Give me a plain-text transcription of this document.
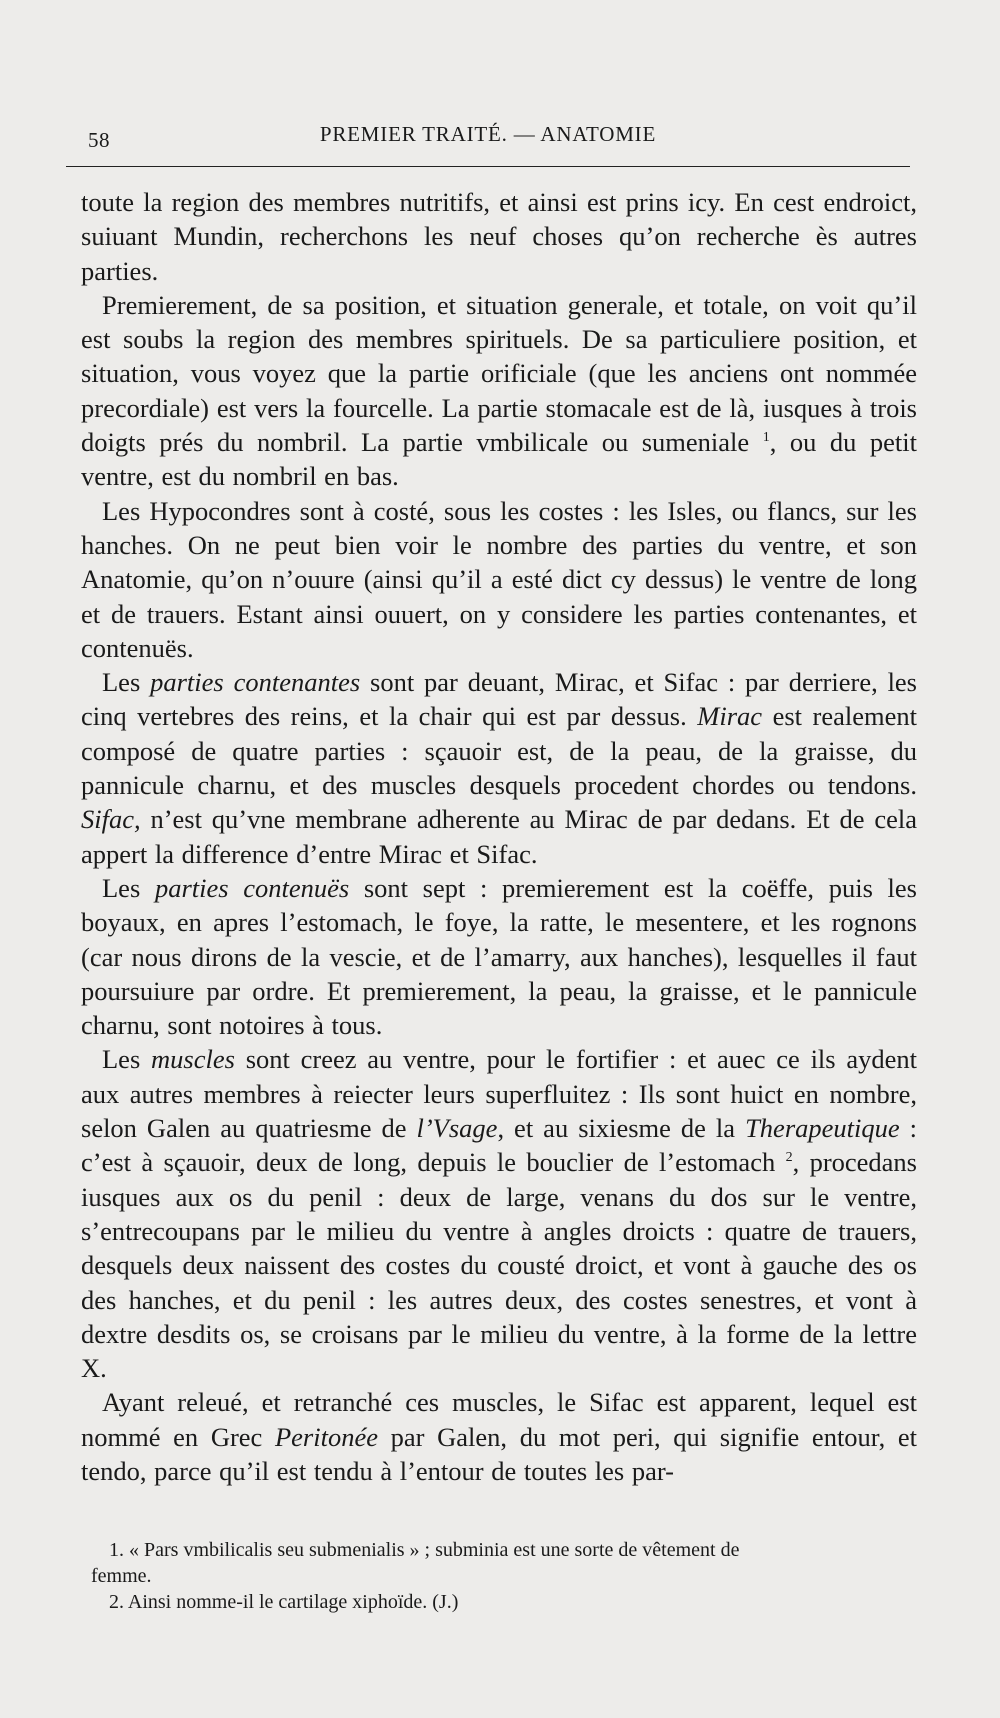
58	PREMIER TRAITÉ. — ANATOMIE

toute la region des membres nutritifs, et ainsi est prins icy. En cest endroict, suiuant Mundin, recherchons les neuf choses qu’on recherche ès autres parties.

Premierement, de sa position, et situation generale, et totale, on voit qu’il est soubs la region des membres spirituels. De sa particuliere position, et situation, vous voyez que la partie orificiale (que les anciens ont nommée precordiale) est vers la fourcelle. La partie stomacale est de là, iusques à trois doigts prés du nombril. La partie vmbilicale ou sumeniale $^1$, ou du petit ventre, est du nombril en bas.

Les Hypocondres sont à costé, sous les costes : les Isles, ou flancs, sur les hanches. On ne peut bien voir le nombre des parties du ventre, et son Anatomie, qu’on n’ouure (ainsi qu’il a esté dict cy dessus) le ventre de long et de trauers. Estant ainsi ouuert, on y considere les parties contenantes, et contenuës.

Les parties contenantes sont par deuant, Mirac, et Sifac : par derriere, les cinq vertebres des reins, et la chair qui est par dessus. Mirac est realement composé de quatre parties : sçauoir est, de la peau, de la graisse, du pannicule charnu, et des muscles desquels procedent chordes ou tendons. Sifac, n’est qu’vne membrane adherente au Mirac de par dedans. Et de cela appert la difference d’entre Mirac et Sifac.

Les parties contenuës sont sept : premierement est la coëffe, puis les boyaux, en apres l’estomach, le foye, la ratte, le mesentere, et les rognons (car nous dirons de la vescie, et de l’amarry, aux hanches), lesquelles il faut poursuiure par ordre. Et premierement, la peau, la graisse, et le pannicule charnu, sont notoires à tous.

Les muscles sont creez au ventre, pour le fortifier : et auec ce ils aydent aux autres membres à reiecter leurs superfluitez : Ils sont huict en nombre, selon Galen au quatriesme de l’Vsage, et au sixiesme de la Therapeutique : c’est à sçauoir, deux de long, depuis le bouclier de l’estomach $^2$, procedans iusques aux os du penil : deux de large, venans du dos sur le ventre, s’entrecoupans par le milieu du ventre à angles droicts : quatre de trauers, desquels deux naissent des costes du cousté droict, et vont à gauche des os des hanches, et du penil : les autres deux, des costes senestres, et vont à dextre desdits os, se croisans par le milieu du ventre, à la forme de la lettre X.

Ayant releué, et retranché ces muscles, le Sifac est apparent, lequel est nommé en Grec Peritonée par Galen, du mot peri, qui signifie entour, et tendo, parce qu’il est tendu à l’entour de toutes les par-

1. « Pars vmbilicalis seu submenialis » ; subminia est une sorte de vêtement de

femme.

2. Ainsi nomme-il le cartilage xiphoïde. (J.)
